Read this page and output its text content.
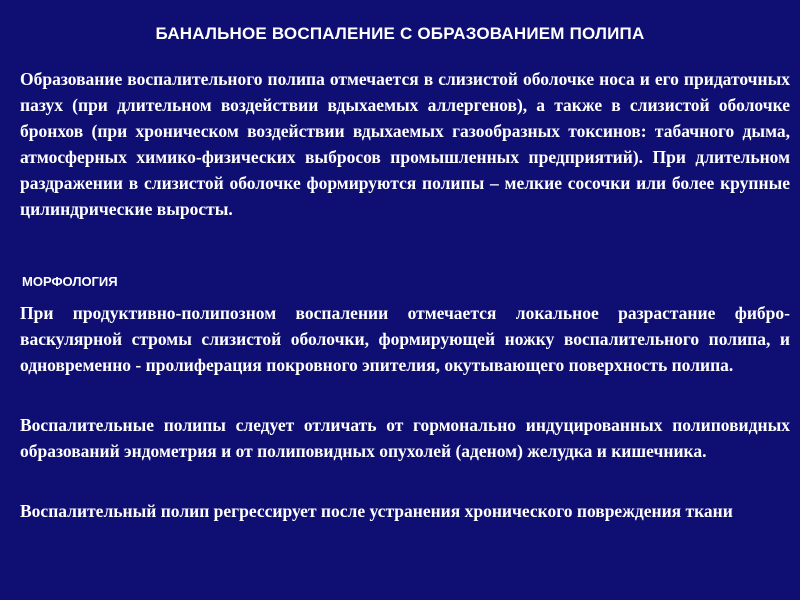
БАНАЛЬНОЕ ВОСПАЛЕНИЕ С ОБРАЗОВАНИЕМ ПОЛИПА

Образование воспалительного полипа отмечается в слизистой оболочке носа и его придаточных пазух (при длительном воздействии вдыхаемых аллергенов), а также в слизистой оболочке бронхов (при хроническом воздействии вдыхаемых газообразных токсинов: табачного дыма, атмосферных химико-физических выбросов промышленных предприятий). При длительном раздражении в слизистой оболочке формируются полипы – мелкие сосочки или более крупные цилиндрические выросты.

МОРФОЛОГИЯ

При продуктивно-полипозном воспалении отмечается локальное разрастание фибро-васкулярной стромы слизистой оболочки, формирующей ножку воспалительного полипа, и одновременно - пролиферация покровного эпителия, окутывающего поверхность полипа.

Воспалительные полипы следует отличать от гормонально индуцированных полиповидных образований эндометрия и от полиповидных опухолей (аденом) желудка и кишечника.

Воспалительный полип регрессирует после устранения хронического повреждения ткани
